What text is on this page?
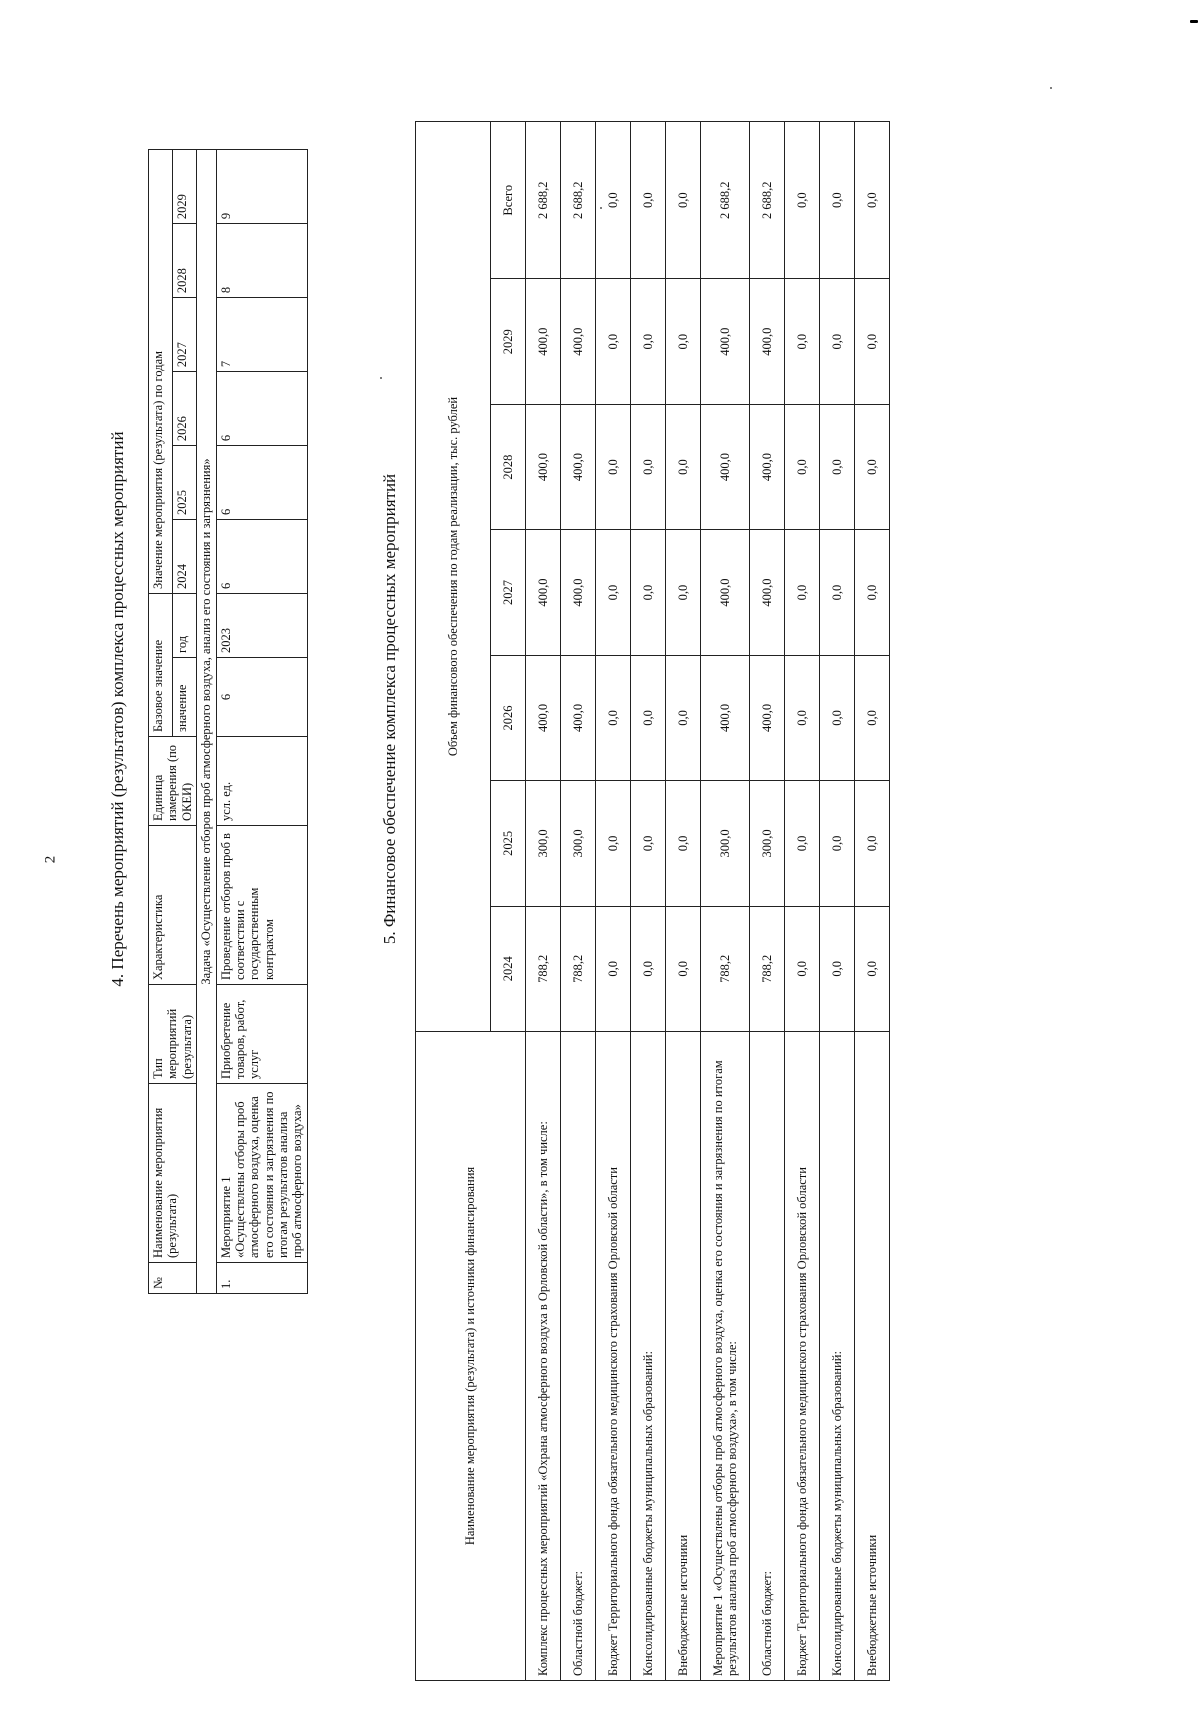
2	4. Перечень мероприятий (результатов) комплекса процессных мероприятий
№	Наименование мероприятия (результата)	Тип мероприятий (результата)	Характеристика	Единица измерения (по ОКЕИ)	Базовое значение		Значение мероприятия (результата) по годам					
					значение	год	2024	2025	2026	2027	2028	2029
Задача «Осуществление отборов проб атмосферного воздуха, анализ его состояния и загрязнения»												
1.	Мероприятие 1 «Осуществлены отборы проб атмосферного воздуха, оценка его состояния и загрязнения по итогам результатов анализа проб атмосферного воздуха»	Приобретение товаров, работ, услуг	Проведение отборов проб в соответствии с государственным контрактом	усл. ед.	6	2023	6	6	6	7	8	9
5. Финансовое обеспечение комплекса процессных мероприятий
Наименование мероприятия (результата) и источники финансирования	Объем финансового обеспечения по годам реализации, тыс. рублей						
	2024	2025	2026	2027	2028	2029	Всего
Комплекс процессных мероприятий «Охрана атмосферного воздуха в Орловской области», в том числе:	788,2	300,0	400,0	400,0	400,0	400,0	2 688,2
Областной бюджет:	788,2	300,0	400,0	400,0	400,0	400,0	2 688,2
Бюджет Территориального фонда обязательного медицинского страхования Орловской области	0,0	0,0	0,0	0,0	0,0	0,0	0,0
Консолидированные бюджеты муниципальных образований:	0,0	0,0	0,0	0,0	0,0	0,0	0,0
Внебюджетные источники	0,0	0,0	0,0	0,0	0,0	0,0	0,0
Мероприятие 1 «Осуществлены отборы проб атмосферного воздуха, оценка его состояния и загрязнения по итогам результатов анализа проб атмосферного воздуха», в том числе:	788,2	300,0	400,0	400,0	400,0	400,0	2 688,2
Областной бюджет:	788,2	300,0	400,0	400,0	400,0	400,0	2 688,2
Бюджет Территориального фонда обязательного медицинского страхования Орловской области	0,0	0,0	0,0	0,0	0,0	0,0	0,0
Консолидированные бюджеты муниципальных образований:	0,0	0,0	0,0	0,0	0,0	0,0	0,0
Внебюджетные источники	0,0	0,0	0,0	0,0	0,0	0,0	0,0
